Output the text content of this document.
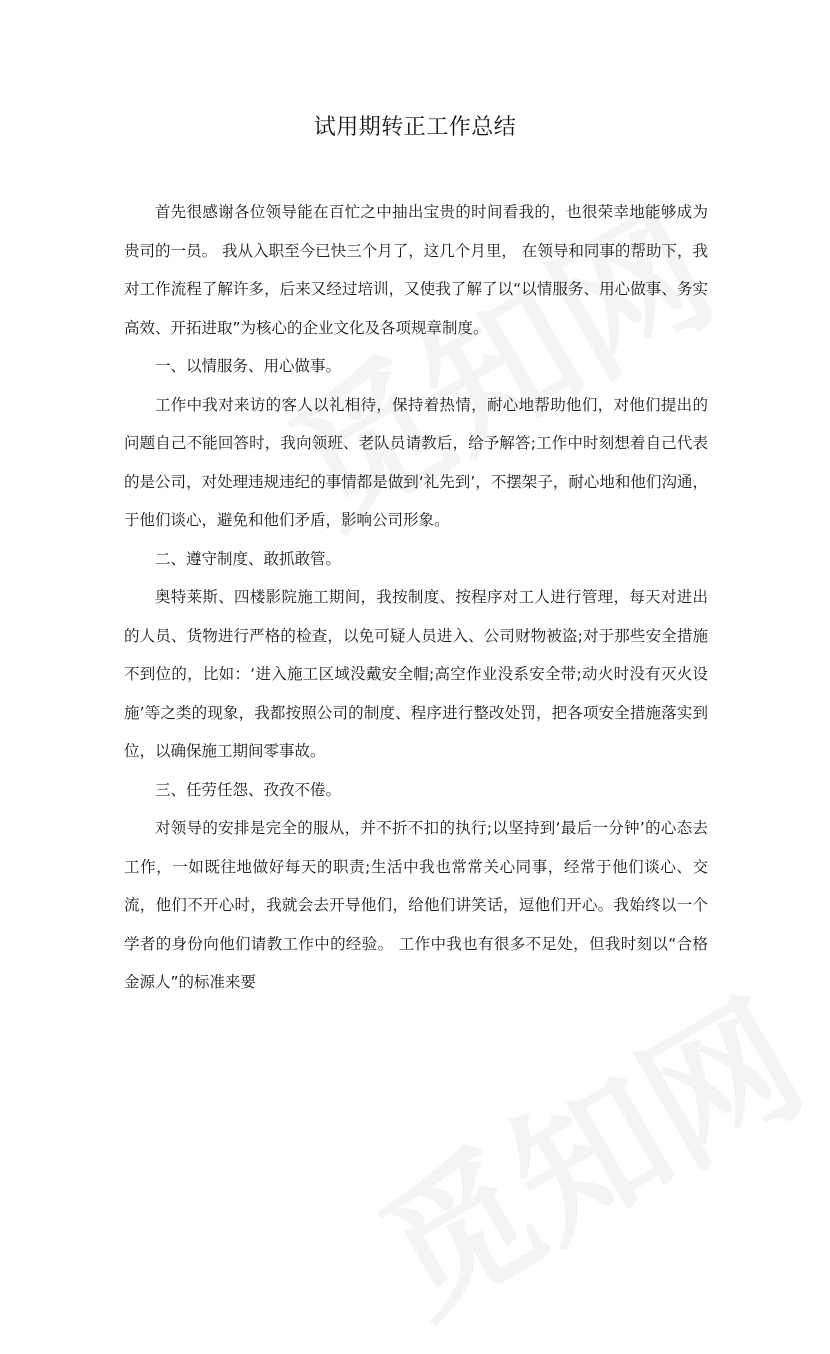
试用期转正工作总结

首先很感谢各位领导能在百忙之中抽出宝贵的时间看我的，也很荣幸地能够成为贵司的一员。 我从入职至今已快三个月了，这几个月里， 在领导和同事的帮助下，我对工作流程了解许多，后来又经过培训，又使我了解了以“以情服务、用心做事、务实高效、开拓进取”为核心的企业文化及各项规章制度。

一、以情服务、用心做事。

工作中我对来访的客人以礼相待，保持着热情，耐心地帮助他们，对他们提出的问题自己不能回答时，我向领班、老队员请教后，给予解答;工作中时刻想着自己代表的是公司，对处理违规违纪的事情都是做到‘礼先到’，不摆架子，耐心地和他们沟通，于他们谈心，避免和他们矛盾，影响公司形象。

二、遵守制度、敢抓敢管。

奥特莱斯、四楼影院施工期间，我按制度、按程序对工人进行管理，每天对进出的人员、货物进行严格的检查，以免可疑人员进入、公司财物被盗;对于那些安全措施不到位的，比如：‘进入施工区域没戴安全帽;高空作业没系安全带;动火时没有灭火设施’等之类的现象，我都按照公司的制度、程序进行整改处罚，把各项安全措施落实到位，以确保施工期间零事故。

三、任劳任怨、孜孜不倦。

对领导的安排是完全的服从，并不折不扣的执行;以坚持到‘最后一分钟’的心态去工作，一如既往地做好每天的职责;生活中我也常常关心同事，经常于他们谈心、交流，他们不开心时，我就会去开导他们，给他们讲笑话，逗他们开心。我始终以一个学者的身份向他们请教工作中的经验。 工作中我也有很多不足处，但我时刻以“合格金源人”的标准来要
